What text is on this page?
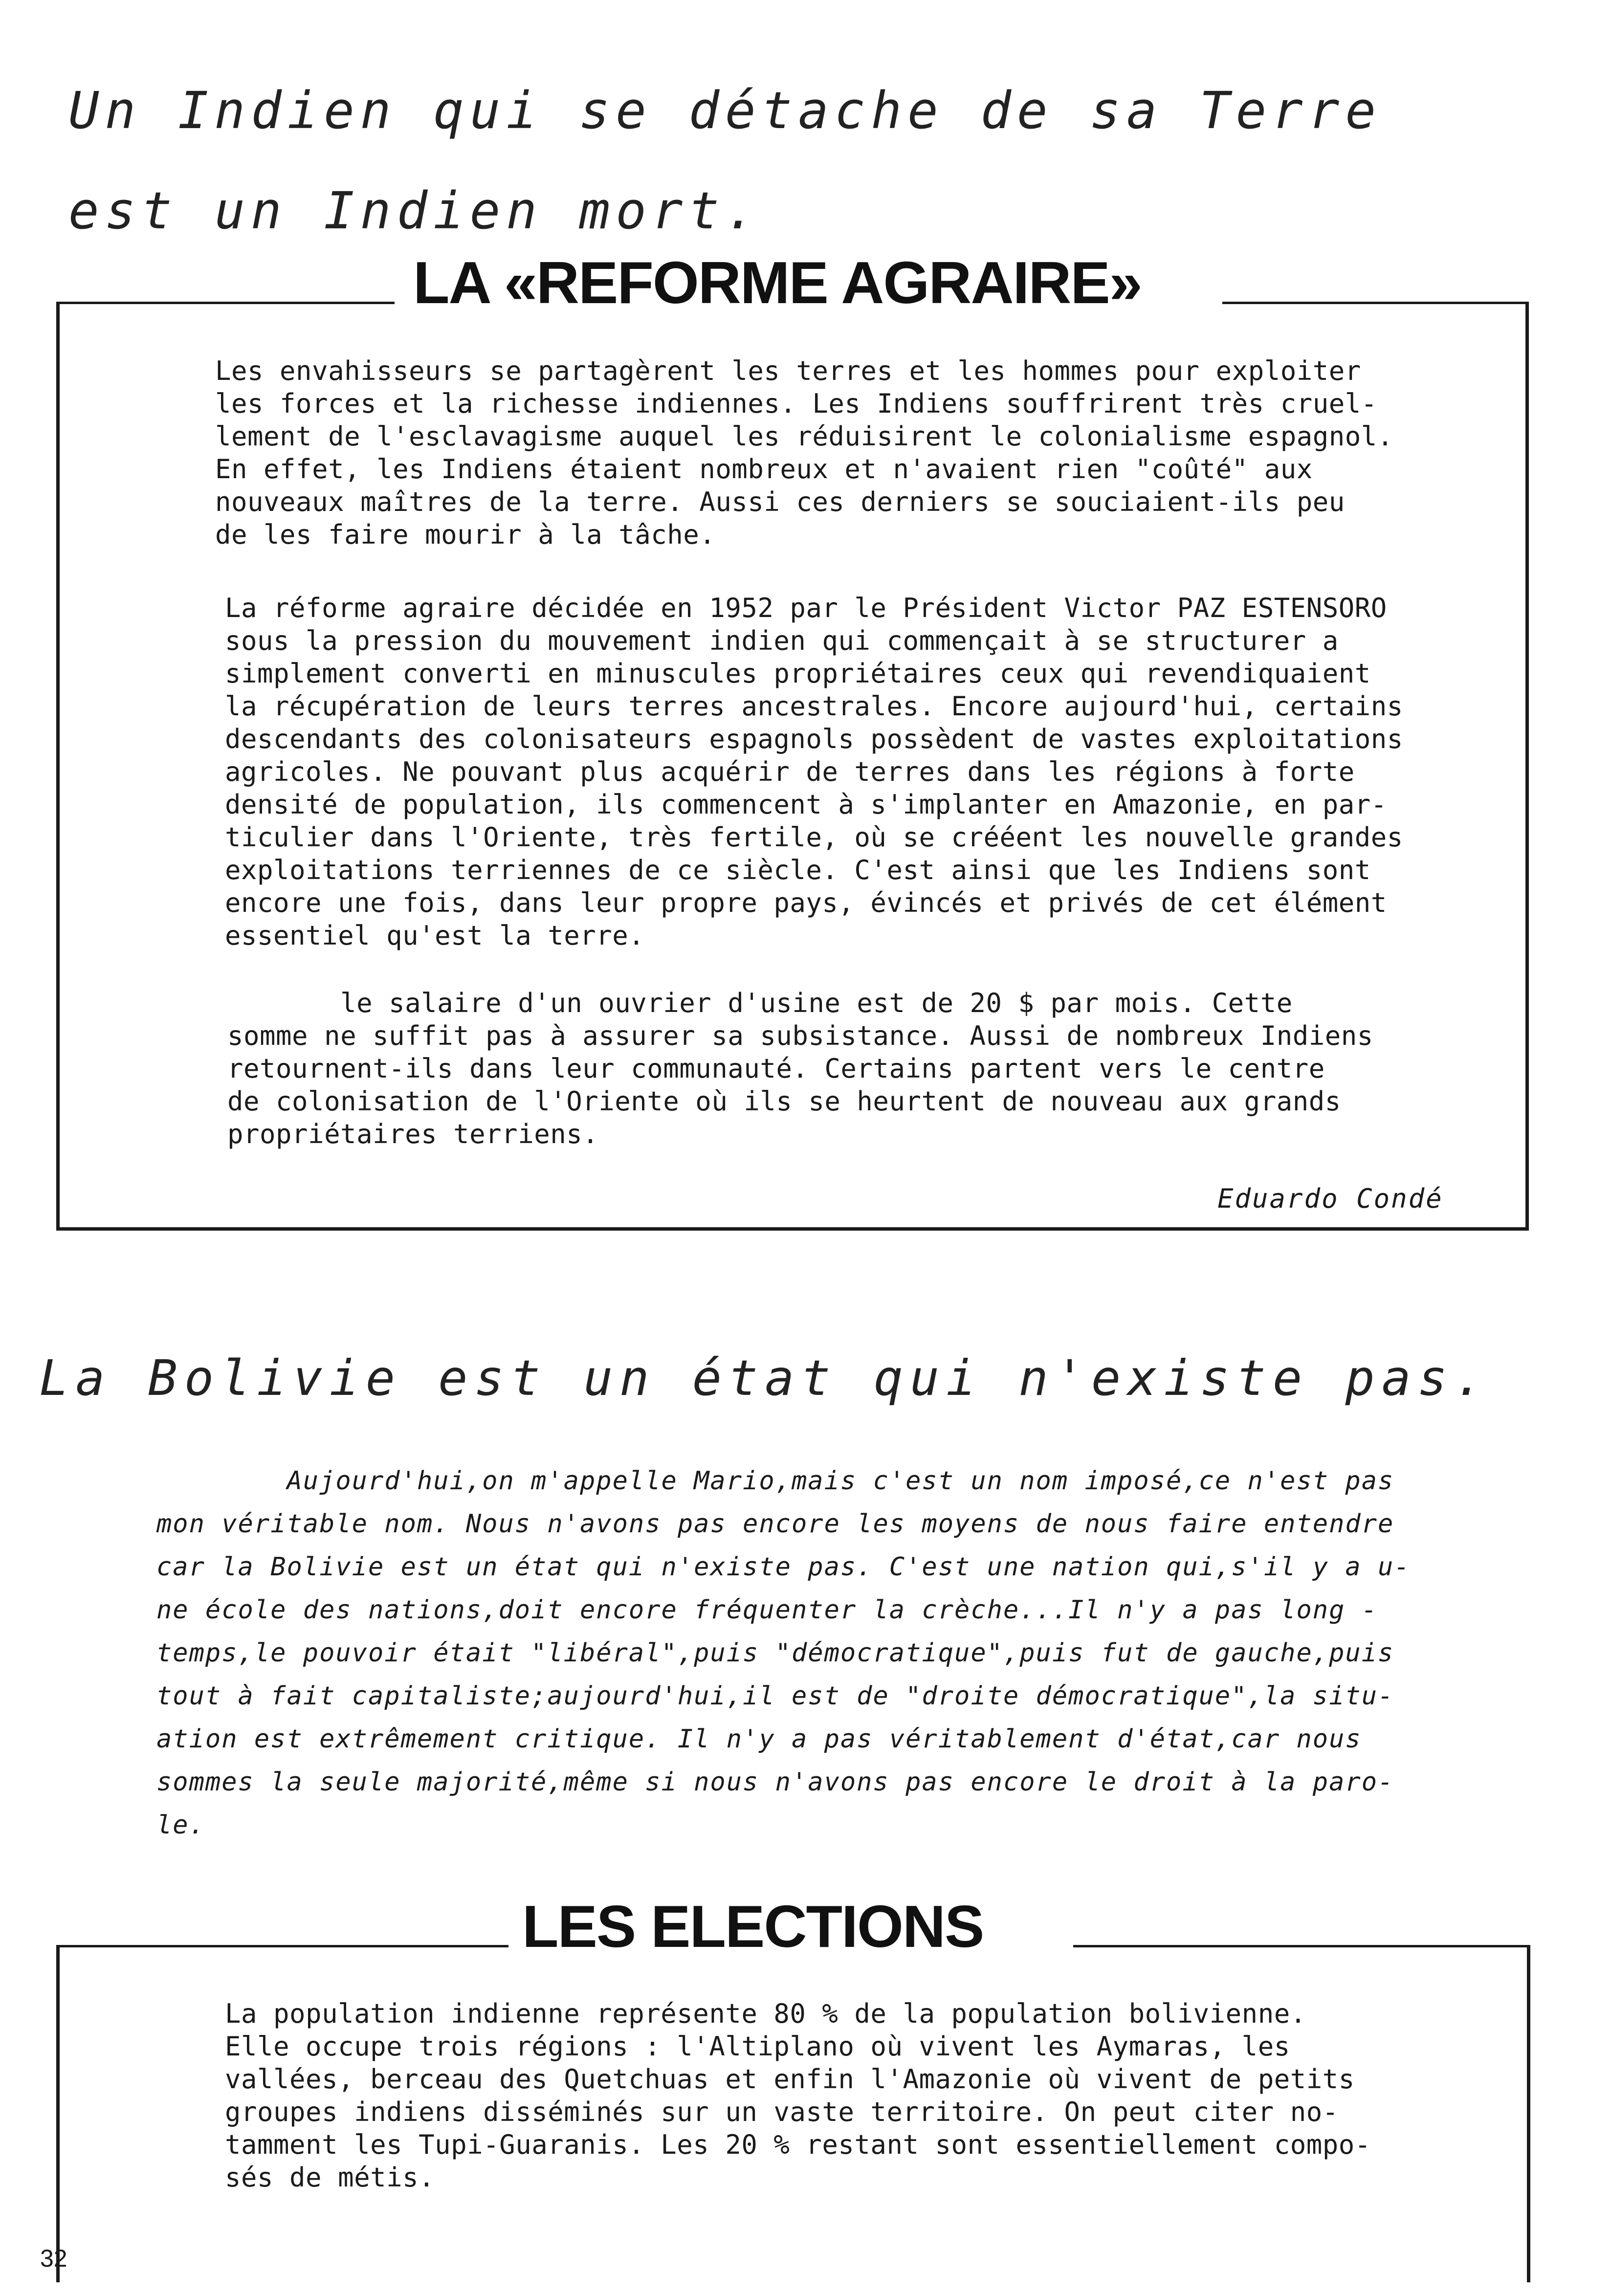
Un Indien qui se détache de sa Terre
est un Indien mort.
LA «REFORME AGRAIRE»

Les envahisseurs se partagèrent les terres et les hommes pour exploiter
les forces et la richesse indiennes. Les Indiens souffrirent très cruel-
lement de l'esclavagisme auquel les réduisirent le colonialisme espagnol.
En effet, les Indiens étaient nombreux et n'avaient rien "coûté" aux
nouveaux maîtres de la terre. Aussi ces derniers se souciaient-ils peu
de les faire mourir à la tâche.

La réforme agraire décidée en 1952 par le Président Victor PAZ ESTENSORO
sous la pression du mouvement indien qui commençait à se structurer a
simplement converti en minuscules propriétaires ceux qui revendiquaient
la récupération de leurs terres ancestrales. Encore aujourd'hui, certains
descendants des colonisateurs espagnols possèdent de vastes exploitations
agricoles. Ne pouvant plus acquérir de terres dans les régions à forte
densité de population, ils commencent à s'implanter en Amazonie, en par-
ticulier dans l'Oriente, très fertile, où se crééent les nouvelle grandes
exploitations terriennes de ce siècle. C'est ainsi que les Indiens sont
encore une fois, dans leur propre pays, évincés et privés de cet élément
essentiel qu'est la terre.

le salaire d'un ouvrier d'usine est de 20 $ par mois. Cette
somme ne suffit pas à assurer sa subsistance. Aussi de nombreux Indiens
retournent-ils dans leur communauté. Certains partent vers le centre
de colonisation de l'Oriente où ils se heurtent de nouveau aux grands
propriétaires terriens.

Eduardo Condé
La Bolivie est un état qui n'existe pas.

Aujourd'hui,on m'appelle Mario,mais c'est un nom imposé,ce n'est pas
mon véritable nom. Nous n'avons pas encore les moyens de nous faire entendre
car la Bolivie est un état qui n'existe pas. C'est une nation qui,s'il y a u-
ne école des nations,doit encore fréquenter la crèche...Il n'y a pas long -
temps,le pouvoir était "libéral",puis "démocratique",puis fut de gauche,puis
tout à fait capitaliste;aujourd'hui,il est de "droite démocratique",la situ-
ation est extrêmement critique. Il n'y a pas véritablement d'état,car nous
sommes la seule majorité,même si nous n'avons pas encore le droit à la paro-
le.

LES ELECTIONS

La population indienne représente 80 % de la population bolivienne.
Elle occupe trois régions : l'Altiplano où vivent les Aymaras, les
vallées, berceau des Quetchuas et enfin l'Amazonie où vivent de petits
groupes indiens disséminés sur un vaste territoire. On peut citer no-
tamment les Tupi-Guaranis. Les 20 % restant sont essentiellement compo-
sés de métis.

32
